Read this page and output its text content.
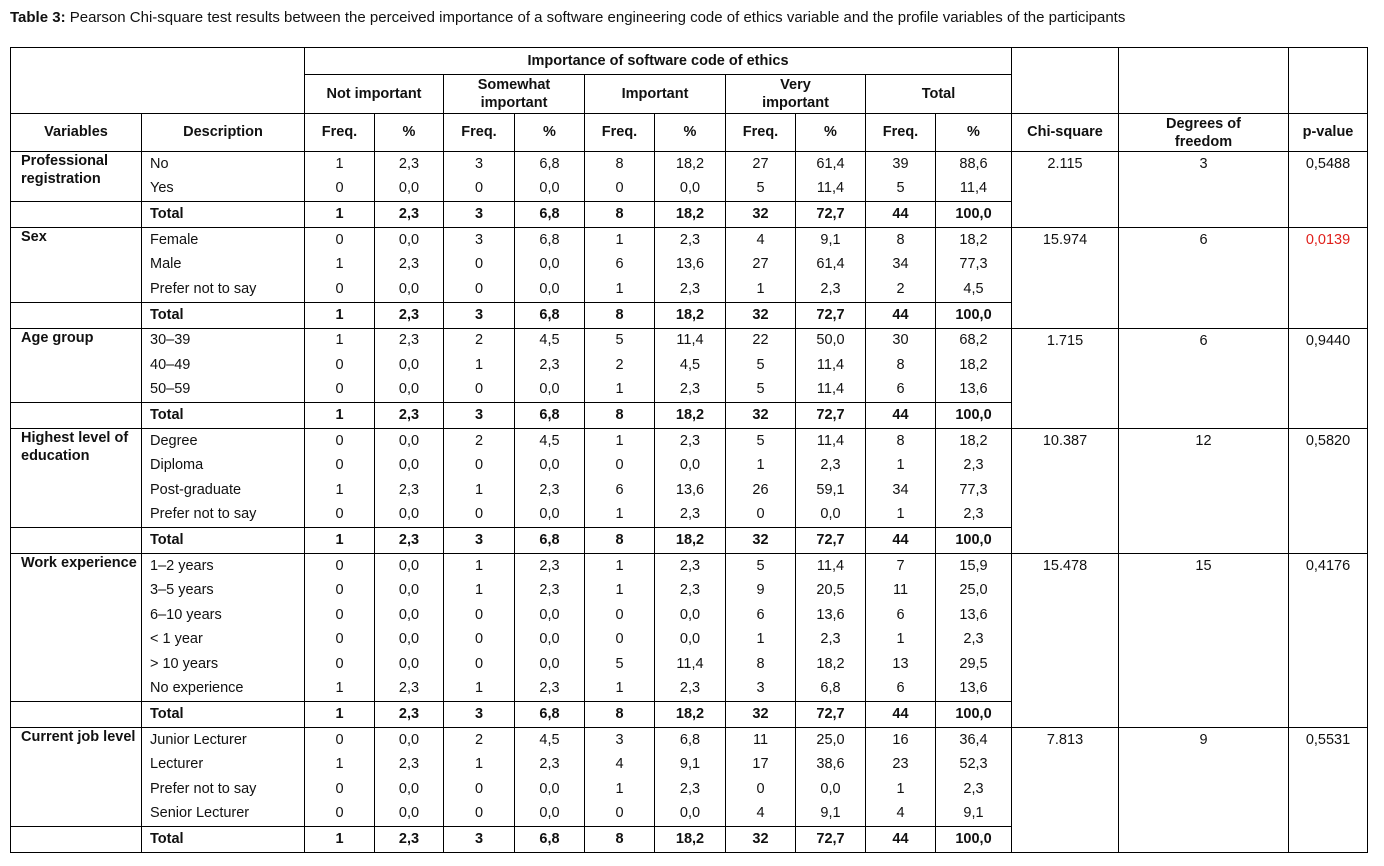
Table 3: Pearson Chi-square test results between the perceived importance of a software engineering code of ethics variable and the profile variables of the participants
		Importance of software code of ethics												
		Not important		Somewhat important		Important		Very important		Total				
Variables	Description	Freq.	%	Freq.	%	Freq.	%	Freq.	%	Freq.	%	Chi-square	Degrees of freedom	p-value
Professional registration	No	1	2,3	3	6,8	8	18,2	27	61,4	39	88,6	2.115	3	0,5488
	Yes	0	0,0	0	0,0	0	0,0	5	11,4	5	11,4			
	Total	1	2,3	3	6,8	8	18,2	32	72,7	44	100,0			
Sex	Female	0	0,0	3	6,8	1	2,3	4	9,1	8	18,2	15.974	6	0,0139
	Male	1	2,3	0	0,0	6	13,6	27	61,4	34	77,3			
	Prefer not to say	0	0,0	0	0,0	1	2,3	1	2,3	2	4,5			
	Total	1	2,3	3	6,8	8	18,2	32	72,7	44	100,0			
Age group	30–39	1	2,3	2	4,5	5	11,4	22	50,0	30	68,2	1.715	6	0,9440
	40–49	0	0,0	1	2,3	2	4,5	5	11,4	8	18,2			
	50–59	0	0,0	0	0,0	1	2,3	5	11,4	6	13,6			
	Total	1	2,3	3	6,8	8	18,2	32	72,7	44	100,0			
Highest level of education	Degree	0	0,0	2	4,5	1	2,3	5	11,4	8	18,2	10.387	12	0,5820
	Diploma	0	0,0	0	0,0	0	0,0	1	2,3	1	2,3			
	Post-graduate	1	2,3	1	2,3	6	13,6	26	59,1	34	77,3			
	Prefer not to say	0	0,0	0	0,0	1	2,3	0	0,0	1	2,3			
	Total	1	2,3	3	6,8	8	18,2	32	72,7	44	100,0			
Work experience	1–2 years	0	0,0	1	2,3	1	2,3	5	11,4	7	15,9	15.478	15	0,4176
	3–5 years	0	0,0	1	2,3	1	2,3	9	20,5	11	25,0			
	6–10 years	0	0,0	0	0,0	0	0,0	6	13,6	6	13,6			
	< 1 year	0	0,0	0	0,0	0	0,0	1	2,3	1	2,3			
	> 10 years	0	0,0	0	0,0	5	11,4	8	18,2	13	29,5			
	No experience	1	2,3	1	2,3	1	2,3	3	6,8	6	13,6			
	Total	1	2,3	3	6,8	8	18,2	32	72,7	44	100,0			
Current job level	Junior Lecturer	0	0,0	2	4,5	3	6,8	11	25,0	16	36,4	7.813	9	0,5531
	Lecturer	1	2,3	1	2,3	4	9,1	17	38,6	23	52,3			
	Prefer not to say	0	0,0	0	0,0	1	2,3	0	0,0	1	2,3			
	Senior Lecturer	0	0,0	0	0,0	0	0,0	4	9,1	4	9,1			
	Total	1	2,3	3	6,8	8	18,2	32	72,7	44	100,0			
